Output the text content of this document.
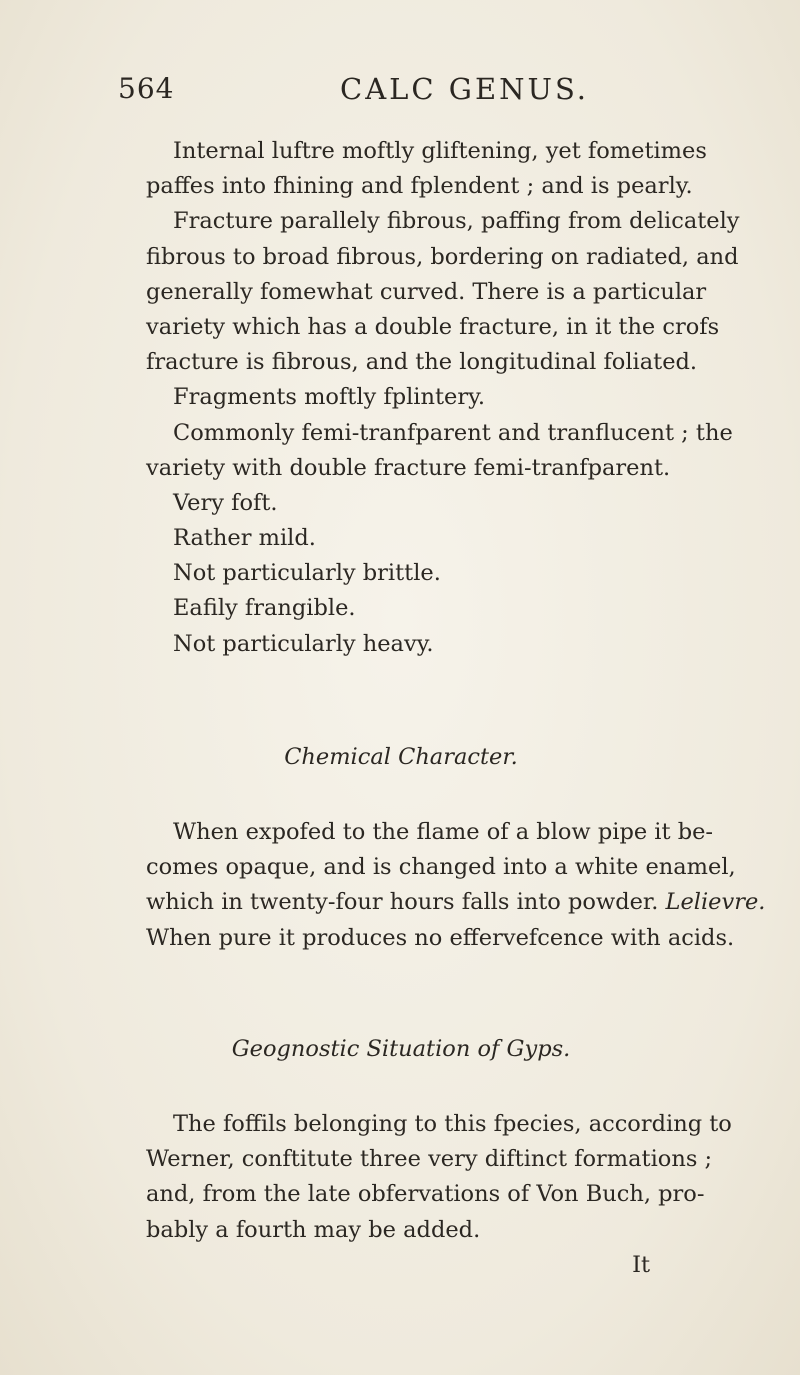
564	CALC GENUS.
Internal luftre moftly gliftening, yet fometimes
paffes into fhining and fplendent ; and is pearly.
Fracture parallely fibrous, paffing from delicately
fibrous to broad fibrous, bordering on radiated, and
generally fomewhat curved. There is a particular
variety which has a double fracture, in it the crofs
fracture is fibrous, and the longitudinal foliated.
Fragments moftly fplintery.
Commonly femi-tranfparent and tranflucent ; the
variety with double fracture femi-tranfparent.
Very foft.
Rather mild.
Not particularly brittle.
Eafily frangible.
Not particularly heavy.
Chemical Character.
When expofed to the flame of a blow pipe it be-
comes opaque, and is changed into a white enamel,
which in twenty-four hours falls into powder. Lelievre.
When pure it produces no effervefcence with acids.
Geognostic Situation of Gyps.
The foffils belonging to this fpecies, according to
Werner, conftitute three very diftinct formations ;
and, from the late obfervations of Von Buch, pro-
bably a fourth may be added.
It
